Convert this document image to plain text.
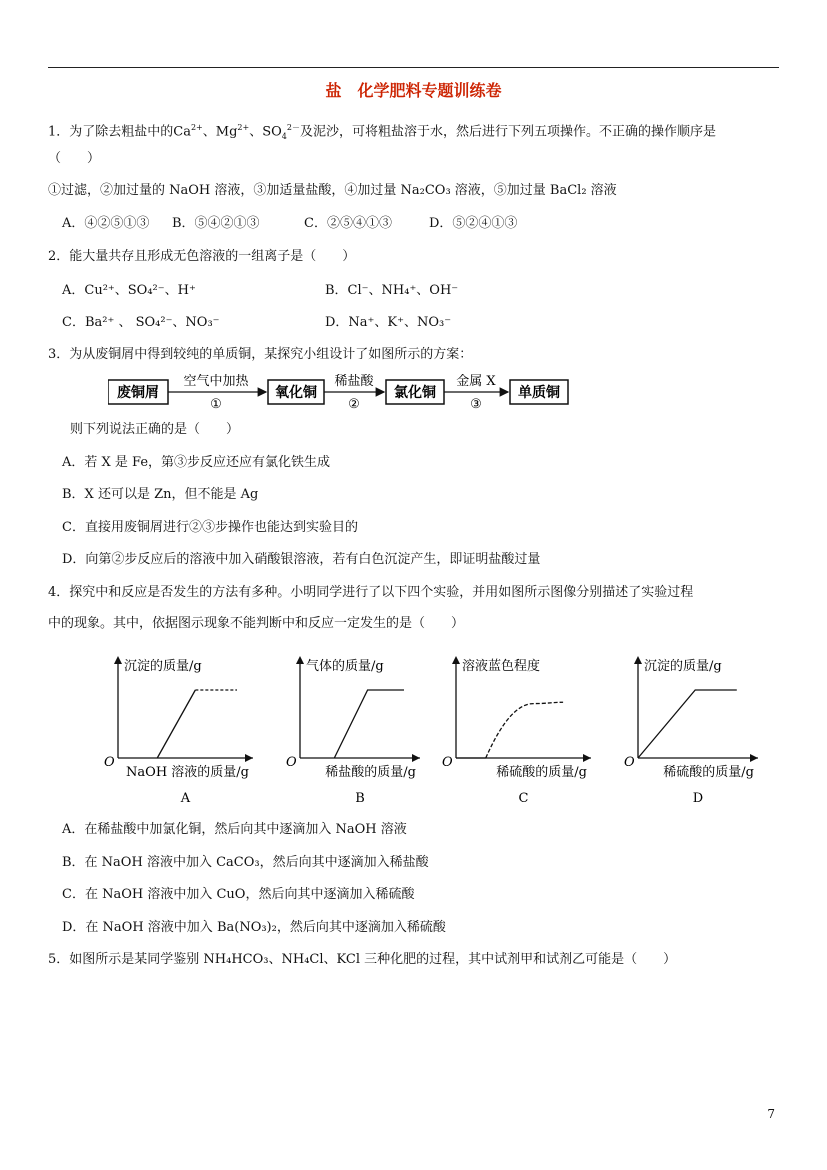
盐　化学肥料专题训练卷
1．为了除去粗盐中的$Ca^{2+}$、$Mg^{2+}$、$SO_4^{2-}$及泥沙，可将粗盐溶于水，然后进行下列五项操作。不正确的操作顺序是
（　　）
①过滤，②加过量的 NaOH 溶液，③加适量盐酸，④加过量 Na₂CO₃ 溶液，⑤加过量 BaCl₂ 溶液
A．④②⑤①③ B．⑤④②①③	C．②⑤④①③	D．⑤②④①③
2．能大量共存且形成无色溶液的一组离子是（　　）
A．Cu²⁺、SO₄²⁻、H⁺	B．Cl⁻、NH₄⁺、OH⁻
C．Ba²⁺ 、 SO₄²⁻、NO₃⁻	D．Na⁺、K⁺、NO₃⁻
3．为从废铜屑中得到较纯的单质铜，某探究小组设计了如图所示的方案：
废铜屑
空气中加热
①
氧化铜
稀盐酸
②
氯化铜
金属 X
③
单质铜
则下列说法正确的是（　　）
A．若 X 是 Fe，第③步反应还应有氯化铁生成
B．X 还可以是 Zn，但不能是 Ag
C．直接用废铜屑进行②③步操作也能达到实验目的
D．向第②步反应后的溶液中加入硝酸银溶液，若有白色沉淀产生，即证明盐酸过量
4．探究中和反应是否发生的方法有多种。小明同学进行了以下四个实验，并用如图所示图像分别描述了实验过程
中的现象。其中，依据图示现象不能判断中和反应一定发生的是（　　）
沉淀的质量/g
NaOH 溶液的质量/g
O
A
气体的质量/g
稀盐酸的质量/g
O
B
溶液蓝色程度
稀硫酸的质量/g
O
C
沉淀的质量/g
稀硫酸的质量/g
O
D
A．在稀盐酸中加氯化铜，然后向其中逐滴加入 NaOH 溶液
B．在 NaOH 溶液中加入 CaCO₃，然后向其中逐滴加入稀盐酸
C．在 NaOH 溶液中加入 CuO，然后向其中逐滴加入稀硫酸
D．在 NaOH 溶液中加入 Ba(NO₃)₂，然后向其中逐滴加入稀硫酸
5．如图所示是某同学鉴别 NH₄HCO₃、NH₄Cl、KCl 三种化肥的过程，其中试剂甲和试剂乙可能是（　　）
7
